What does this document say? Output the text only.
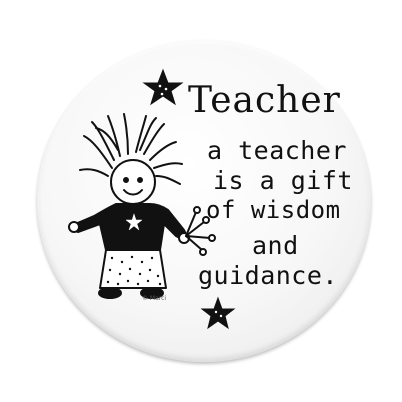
Teacher
a teacher
is a gift
of wisdom
and
guidance.
© Marci
